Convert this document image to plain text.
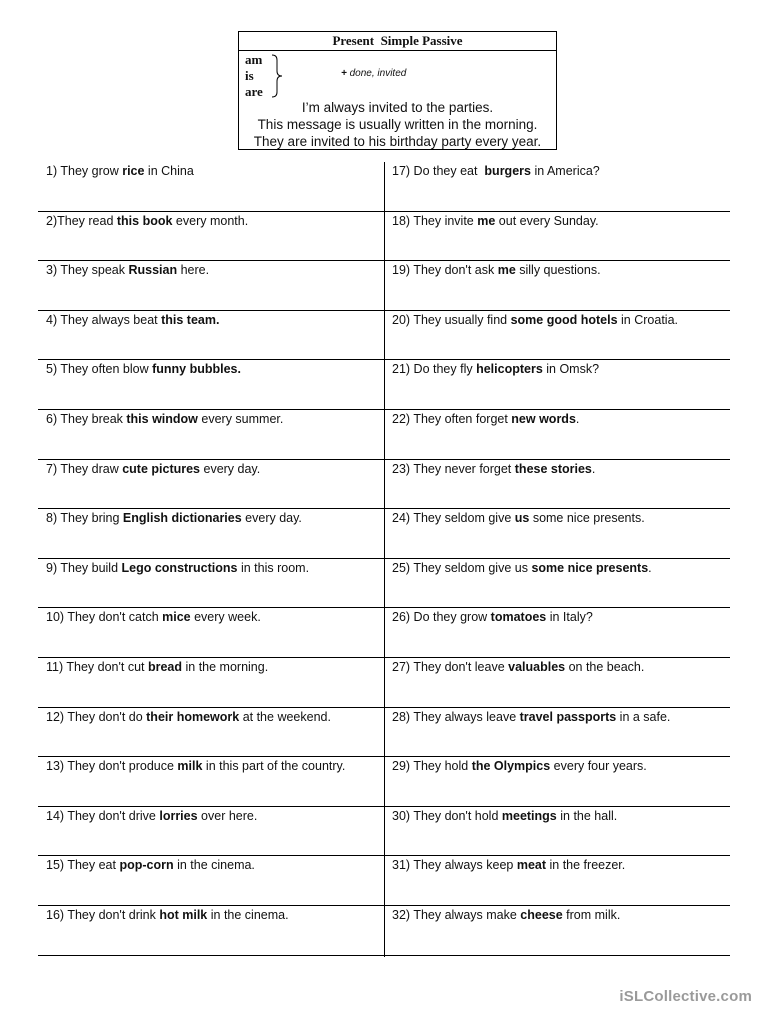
Present  Simple Passive
am
is
are
+ done, invited
I’m always invited to the parties.
This message is usually written in the morning.
They are invited to his birthday party every year.
1) They grow rice in China	17) Do they eat  burgers in America?
2)They read this book every month.	18) They invite me out every Sunday.
3) They speak Russian here.	19) They don't ask me silly questions.
4) They always beat this team.	20) They usually find some good hotels in Croatia.
5) They often blow funny bubbles.	21) Do they fly helicopters in Omsk?
6) They break this window every summer.	22) They often forget new words.
7) They draw cute pictures every day.	23) They never forget these stories.
8) They bring English dictionaries every day.	24) They seldom give us some nice presents.
9) They build Lego constructions in this room.	25) They seldom give us some nice presents.
10) They don't catch mice every week.	26) Do they grow tomatoes in Italy?
11) They don't cut bread in the morning.	27) They don't leave valuables on the beach.
12) They don't do their homework at the weekend.	28) They always leave travel passports in a safe.
13) They don't produce milk in this part of the country.	29) They hold the Olympics every four years.
14) They don't drive lorries over here.	30) They don't hold meetings in the hall.
15) They eat pop-corn in the cinema.	31) They always keep meat in the freezer.
16) They don't drink hot milk in the cinema.	32) They always make cheese from milk.
iSLCollective.com
